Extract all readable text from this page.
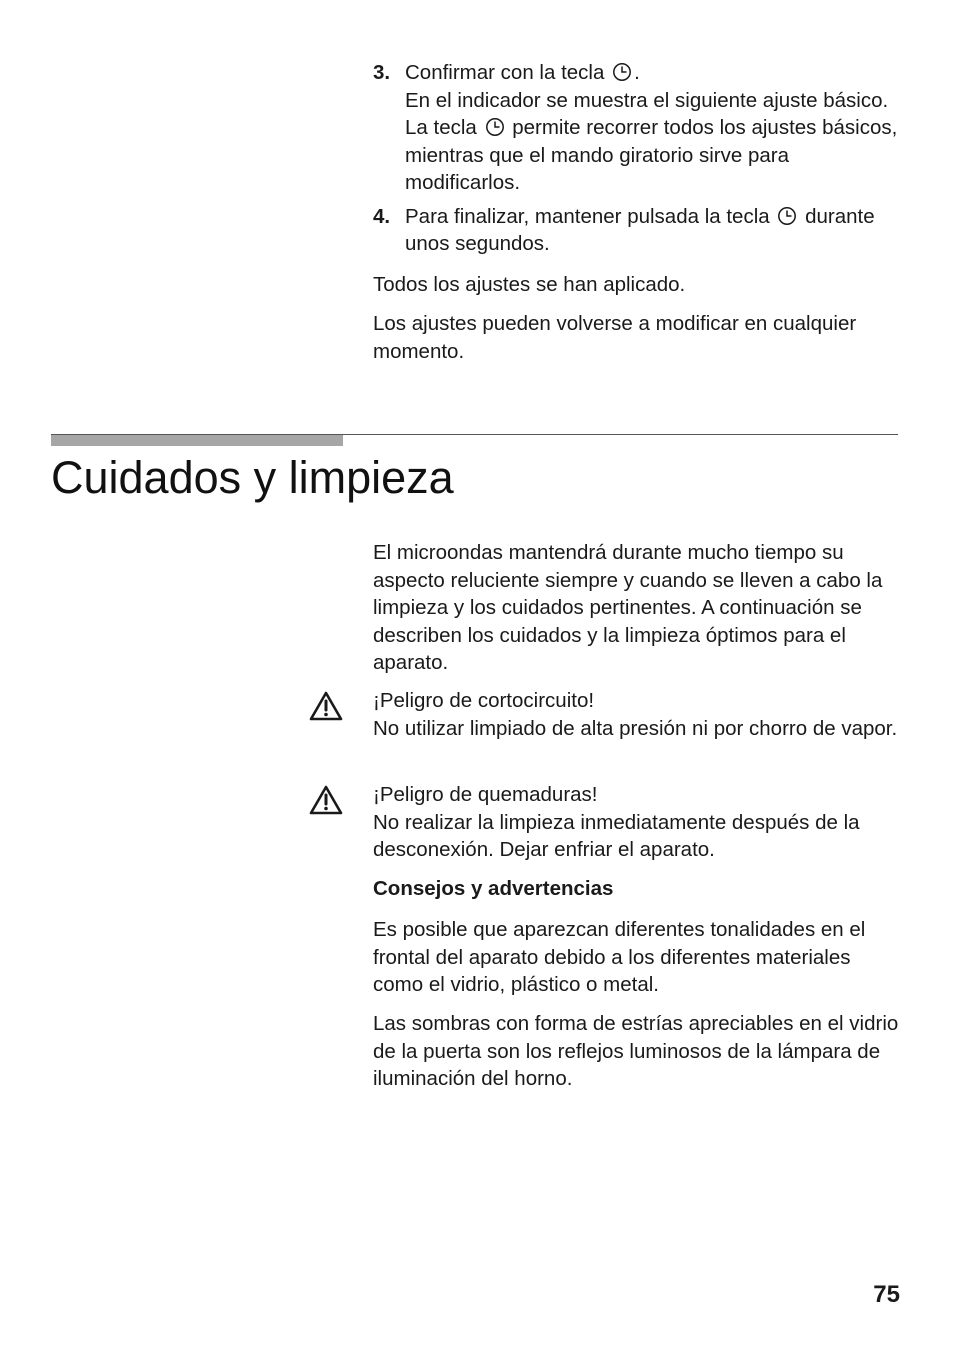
3. Confirmar con la tecla .
En el indicador se muestra el siguiente ajuste básico. La tecla permite recorrer todos los ajustes básicos, mientras que el mando giratorio sirve para modificarlos.
4. Para finalizar, mantener pulsada la tecla durante unos segundos.

Todos los ajustes se han aplicado.

Los ajustes pueden volverse a modificar en cualquier momento.

Cuidados y limpieza

El microondas mantendrá durante mucho tiempo su aspecto reluciente siempre y cuando se lleven a cabo la limpieza y los cuidados pertinentes. A continuación se describen los cuidados y la limpieza óptimos para el aparato.

¡Peligro de cortocircuito!

No utilizar limpiado de alta presión ni por chorro de vapor.

¡Peligro de quemaduras!

No realizar la limpieza inmediatamente después de la desconexión. Dejar enfriar el aparato.

Consejos y advertencias

Es posible que aparezcan diferentes tonalidades en el frontal del aparato debido a los diferentes materiales como el vidrio, plástico o metal.

Las sombras con forma de estrías apreciables en el vidrio de la puerta son los reflejos luminosos de la lámpara de iluminación del horno.

75
